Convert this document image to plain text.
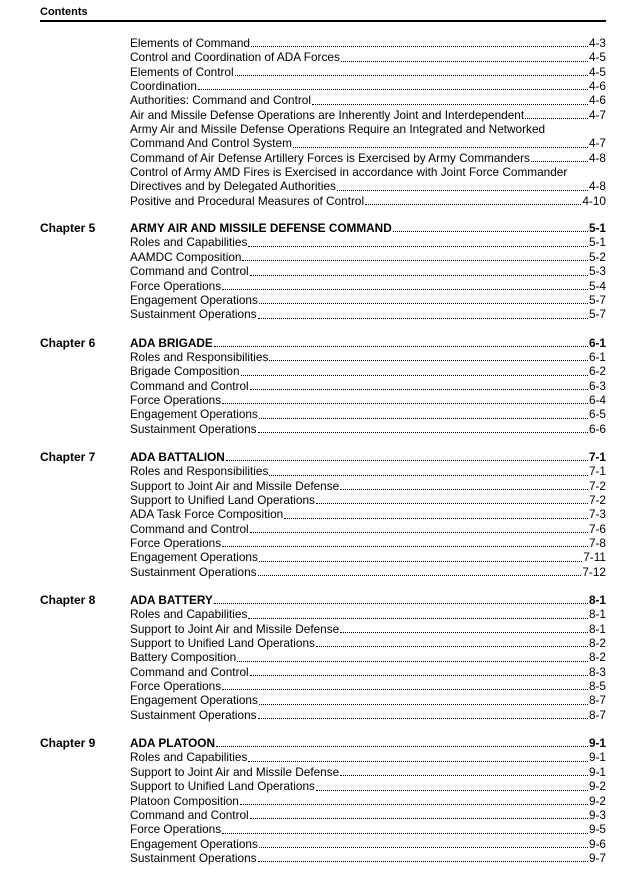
Contents
Elements of Command	4-3
Control and Coordination of ADA Forces	4-5
Elements of Control	4-5
Coordination	4-6
Authorities: Command and Control	4-6
Air and Missile Defense Operations are Inherently Joint and Interdependent	4-7
Army Air and Missile Defense Operations Require an Integrated and Networked
Command And Control System	4-7
Command of Air Defense Artillery Forces is Exercised by Army Commanders	4-8
Control of Army AMD Fires is Exercised in accordance with Joint Force Commander
Directives and by Delegated Authorities	4-8
Positive and Procedural Measures of Control	4-10
Chapter 5	ARMY AIR AND MISSILE DEFENSE COMMAND	5-1
Roles and Capabilities	5-1
AAMDC Composition	5-2
Command and Control	5-3
Force Operations	5-4
Engagement Operations	5-7
Sustainment Operations	5-7
Chapter 6	ADA BRIGADE	6-1
Roles and Responsibilities	6-1
Brigade Composition	6-2
Command and Control	6-3
Force Operations	6-4
Engagement Operations	6-5
Sustainment Operations	6-6
Chapter 7	ADA BATTALION	7-1
Roles and Responsibilities	7-1
Support to Joint Air and Missile Defense	7-2
Support to Unified Land Operations	7-2
ADA Task Force Composition	7-3
Command and Control	7-6
Force Operations	7-8
Engagement Operations	7-11
Sustainment Operations	7-12
Chapter 8	ADA BATTERY	8-1
Roles and Capabilities	8-1
Support to Joint Air and Missile Defense	8-1
Support to Unified Land Operations	8-2
Battery Composition	8-2
Command and Control	8-3
Force Operations	8-5
Engagement Operations	8-7
Sustainment Operations	8-7
Chapter 9	ADA PLATOON	9-1
Roles and Capabilities	9-1
Support to Joint Air and Missile Defense	9-1
Support to Unified Land Operations	9-2
Platoon Composition	9-2
Command and Control	9-3
Force Operations	9-5
Engagement Operations	9-6
Sustainment Operations	9-7
